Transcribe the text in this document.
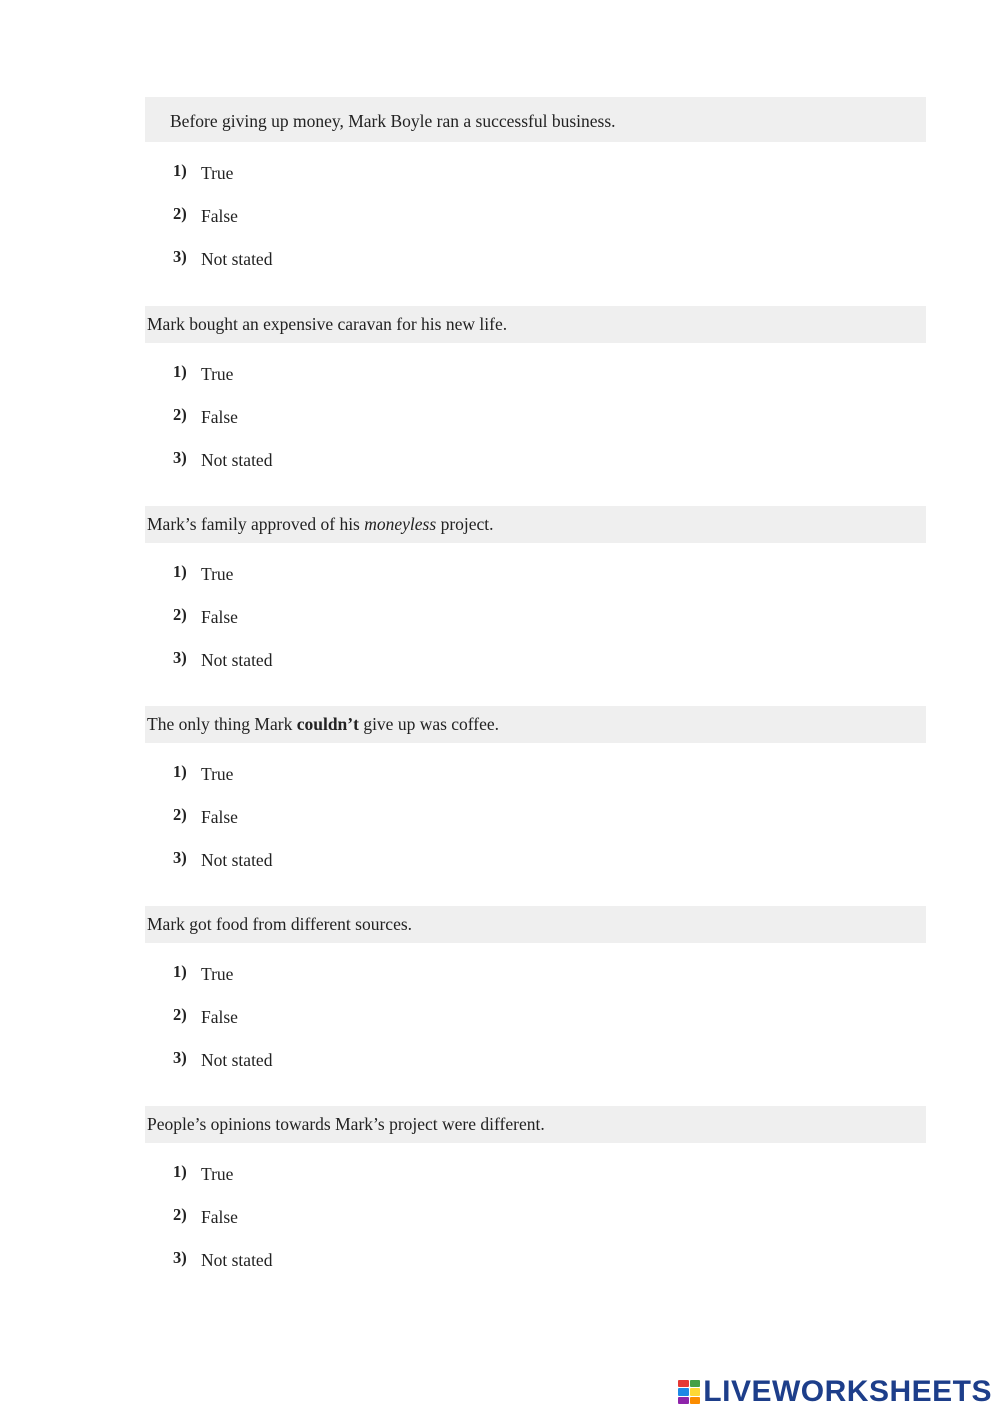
Before giving up money, Mark Boyle ran a successful business.
1) True
2) False
3) Not stated
Mark bought an expensive caravan for his new life.
1) True
2) False
3) Not stated
Mark’s family approved of his moneyless project.
1) True
2) False
3) Not stated
The only thing Mark couldn’t give up was coffee.
1) True
2) False
3) Not stated
Mark got food from different sources.
1) True
2) False
3) Not stated
People’s opinions towards Mark’s project were different.
1) True
2) False
3) Not stated
LIVEWORKSHEETS
